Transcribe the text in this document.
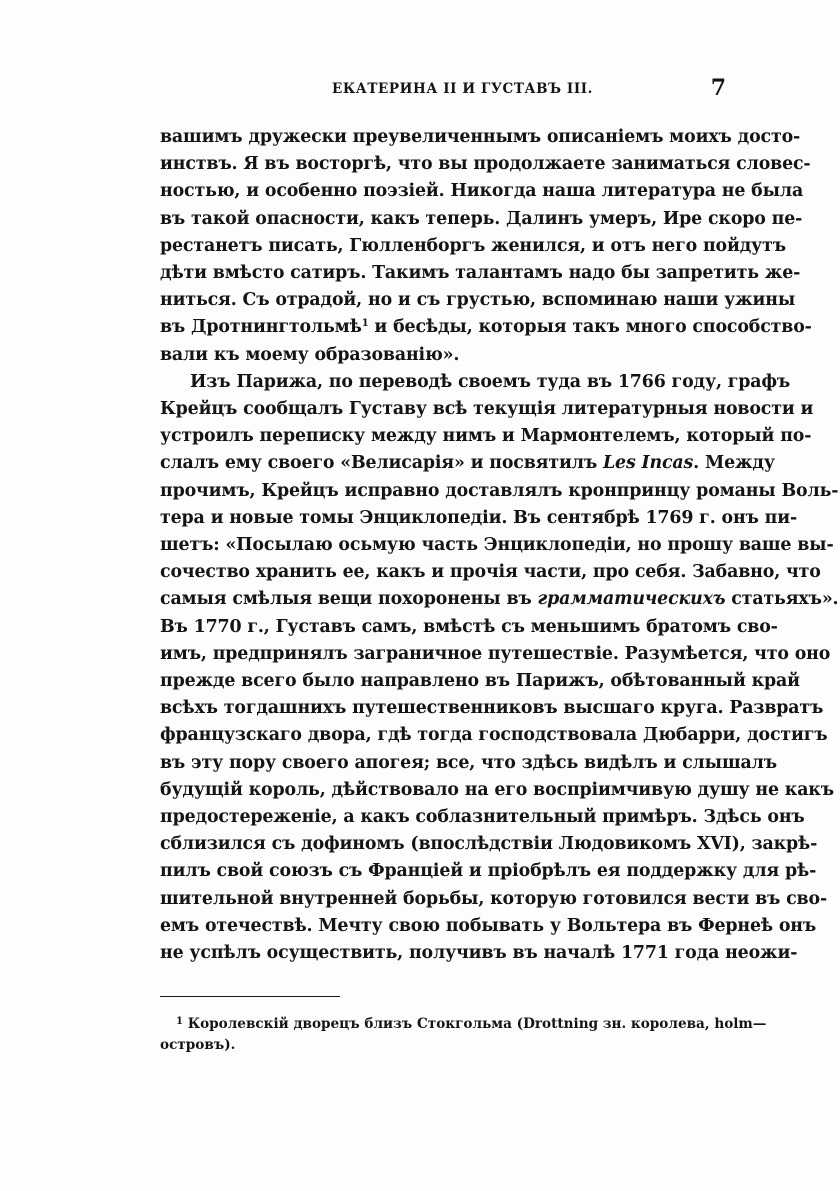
ЕКАТЕРИНА II И ГУСТАВЪ III.	7
вашимъ дружески преувеличеннымъ описаніемъ моихъ досто-
инствъ. Я въ восторгѣ, что вы продолжаете заниматься словес-
ностью, и особенно поэзіей. Никогда наша литература не была
въ такой опасности, какъ теперь. Далинъ умеръ, Ире скоро пе-
рестанетъ писать, Гюлленборгъ женился, и отъ него пойдутъ
дѣти вмѣсто сатиръ. Такимъ талантамъ надо бы запретить же-
ниться. Съ отрадой, но и съ грустью, вспоминаю наши ужины
въ Дротнингтольмѣ$^1$ и бесѣды, которыя такъ много способство-
вали къ моему образованію».
Изъ Парижа, по переводѣ своемъ туда въ 1766 году, графъ
Крейцъ сообщалъ Густаву всѣ текущія литературныя новости и
устроилъ переписку между нимъ и Мармонтелемъ, который по-
слалъ ему своего «Велисарія» и посвятилъ Les Incas. Между
прочимъ, Крейцъ исправно доставлялъ кронпринцу романы Воль-
тера и новые томы Энциклопедіи. Въ сентябрѣ 1769 г. онъ пи-
шетъ: «Посылаю осьмую часть Энциклопедіи, но прошу ваше вы-
сочество хранить ее, какъ и прочія части, про себя. Забавно, что
самыя смѣлыя вещи похоронены въ грамматическихъ статьяхъ».
Въ 1770 г., Густавъ самъ, вмѣстѣ съ меньшимъ братомъ сво-
имъ, предпринялъ заграничное путешествіе. Разумѣется, что оно
прежде всего было направлено въ Парижъ, обѣтованный край
всѣхъ тогдашнихъ путешественниковъ высшаго круга. Развратъ
французскаго двора, гдѣ тогда господствовала Дюбарри, достигъ
въ эту пору своего апогея; все, что здѣсь видѣлъ и слышалъ
будущій король, дѣйствовало на его воспріимчивую душу не какъ
предостереженіе, а какъ соблазнительный примѣръ. Здѣсь онъ
сблизился съ дофиномъ (впослѣдствіи Людовикомъ XVI), закрѣ-
пилъ свой союзъ съ Франціей и пріобрѣлъ ея поддержку для рѣ-
шительной внутренней борьбы, которую готовился вести въ сво-
емъ отечествѣ. Мечту свою побывать у Вольтера въ Фернеѣ онъ
не успѣлъ осуществить, получивъ въ началѣ 1771 года неожи-
$^1$ Королевскій дворецъ близъ Стокгольма (Drottning зн. королева, holm—
островъ).
